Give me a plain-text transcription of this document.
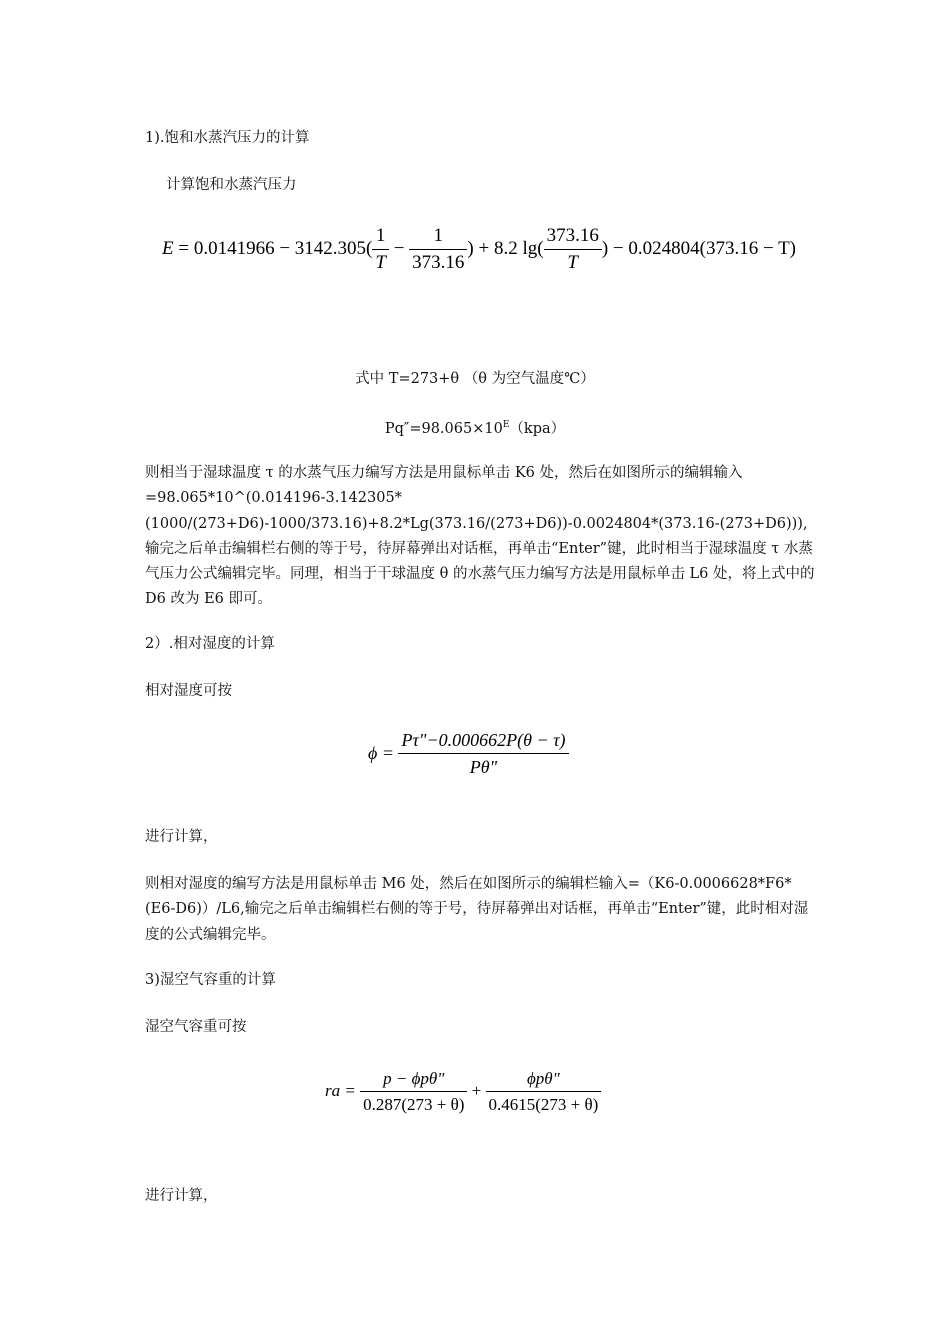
1).饱和水蒸汽压力的计算
计算饱和水蒸汽压力
$E = 0.0141966 - 3142.305( \frac{1}{T} - \frac{1}{373.16}$ ) + 8.2 $\lg( \frac{373.16}{T}$ ) − 0.024804(373.16 − T)
式中 T=273+θ （θ 为空气温度℃）
$Pq''=98.065\times 10^E(kpa)$
则相当于湿球温度 τ 的水蒸气压力编写方法是用鼠标单击 K6 处，然后在如图所示的编辑输入=98.065*10^(0.014196-3.142305*(1000/(273+D6)-1000/373.16)+8.2*Lg(373.16/(273+D6))-0.0024804*(373.16-(273+D6))),输完之后单击编辑栏右侧的等于号，待屏幕弹出对话框，再单击“Enter”键，此时相当于湿球温度 τ 水蒸气压力公式编辑完毕。同理，相当于干球温度 θ 的水蒸气压力编写方法是用鼠标单击 L6 处，将上式中的 D6 改为 E6 即可。
2）.相对湿度的计算
相对湿度可按
$\phi = \frac{P\tau"-0.000662P(\theta - \tau)}{P\theta"}$
进行计算，
则相对湿度的编写方法是用鼠标单击 M6 处，然后在如图所示的编辑栏输入=（K6-0.0006628*F6*(E6-D6)）/L6,输完之后单击编辑栏右侧的等于号，待屏幕弹出对话框，再单击“Enter”键，此时相对湿度的公式编辑完毕。
3)湿空气容重的计算
湿空气容重可按
ra = $\frac{\text{p − ϕpθ"}}{0.287(273 + \theta)} + \frac{\text{ϕpθ"}}{0.4615(273 + \theta)}$
进行计算，
